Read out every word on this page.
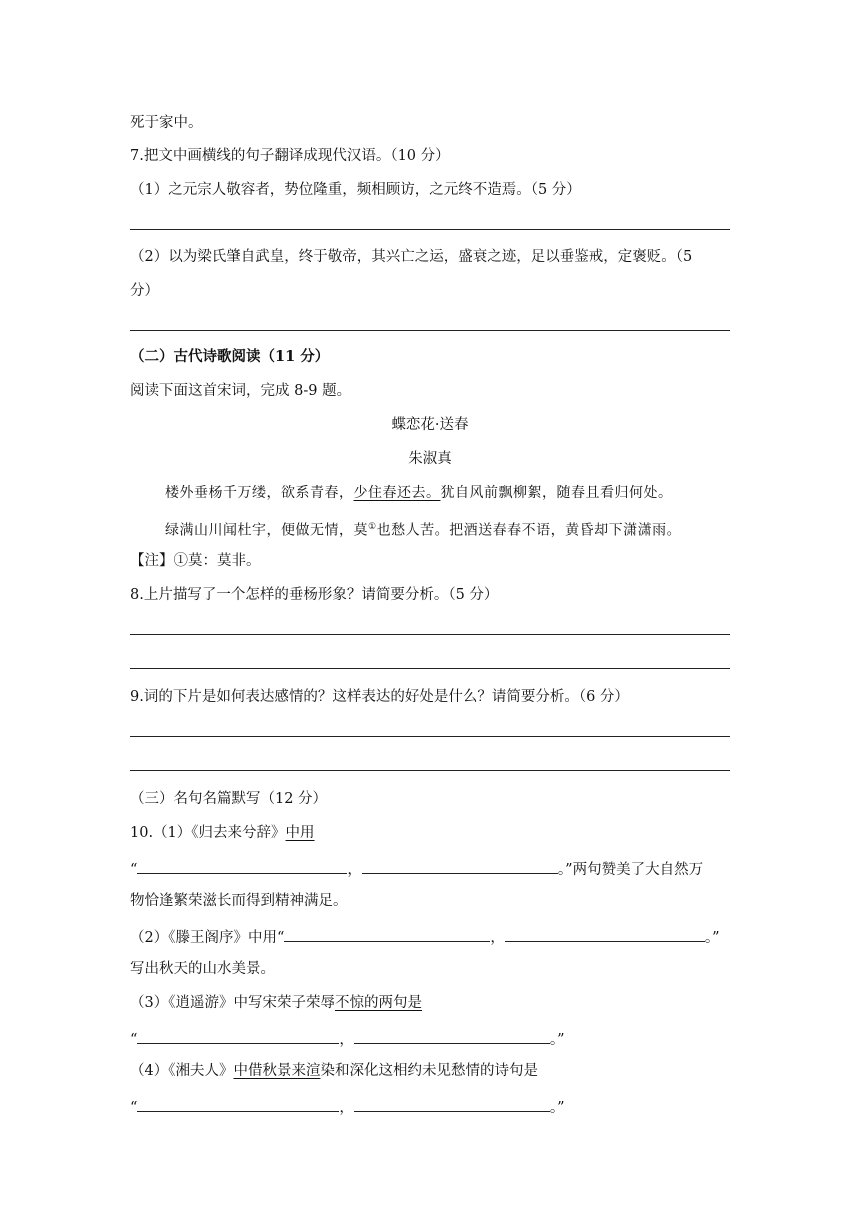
死于家中。
7.把文中画横线的句子翻译成现代汉语。（10 分）
（1）之元宗人敬容者，势位隆重，频相顾访，之元终不造焉。（5 分）
（2）以为梁氏肇自武皇，终于敬帝，其兴亡之运，盛衰之迹，足以垂鉴戒，定褒贬。（5
分）
（二）古代诗歌阅读（11 分）
阅读下面这首宋词，完成 8-9 题。
蝶恋花·送春
朱淑真
楼外垂杨千万缕，欲系青春，少住春还去。犹自风前飘柳絮，随春且看归何处。
绿满山川闻杜宇，便做无情，莫①也愁人苦。把酒送春春不语，黄昏却下潇潇雨。
【注】①莫：莫非。
8.上片描写了一个怎样的垂杨形象？请简要分析。（5 分）
9.词的下片是如何表达感情的？这样表达的好处是什么？请简要分析。（6 分）
（三）名句名篇默写（12 分）
10.（1）《归去来兮辞》中用
“	，	。”两句赞美了大自然万
物恰逢繁荣滋长而得到精神满足。
（2）《滕王阁序》中用“	，	。”
写出秋天的山水美景。
（3）《逍遥游》中写宋荣子荣辱不惊的两句是
“	，	。”
（4）《湘夫人》中借秋景来渲染和深化这相约未见愁情的诗句是
“	，	。”
